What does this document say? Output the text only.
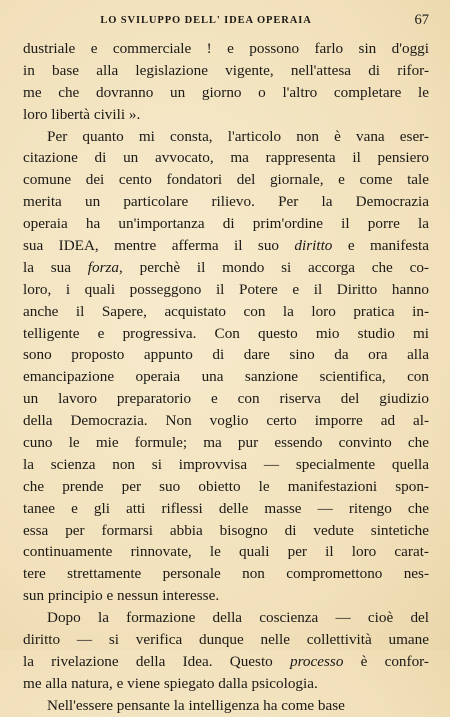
LO SVILUPPO DELL' IDEA OPERAIA	67

dustriale e commerciale ! e possono farlo sin d'oggi
in base alla legislazione vigente, nell'attesa di rifor-
me che dovranno un giorno o l'altro completare le
loro libertà civili ».

Per quanto mi consta, l'articolo non è vana eser-
citazione di un avvocato, ma rappresenta il pensiero
comune dei cento fondatori del giornale, e come tale
merita un particolare rilievo. Per la Democrazia
operaia ha un'importanza di prim'ordine il porre la
sua IDEA, mentre afferma il suo diritto e manifesta
la sua forza, perchè il mondo si accorga che co-
loro, i quali posseggono il Potere e il Diritto hanno
anche il Sapere, acquistato con la loro pratica in-
telligente e progressiva. Con questo mio studio mi
sono proposto appunto di dare sino da ora alla
emancipazione operaia una sanzione scientifica, con
un lavoro preparatorio e con riserva del giudizio
della Democrazia. Non voglio certo imporre ad al-
cuno le mie formule; ma pur essendo convinto che
la scienza non si improvvisa — specialmente quella
che prende per suo obietto le manifestazioni spon-
tanee e gli atti riflessi delle masse — ritengo che
essa per formarsi abbia bisogno di vedute sintetiche
continuamente rinnovate, le quali per il loro carat-
tere strettamente personale non compromettono nes-
sun principio e nessun interesse.

Dopo la formazione della coscienza — cioè del
diritto — si verifica dunque nelle collettività umane
la rivelazione della Idea. Questo processo è confor-
me alla natura, e viene spiegato dalla psicologia.

Nell'essere pensante la intelligenza ha come base
